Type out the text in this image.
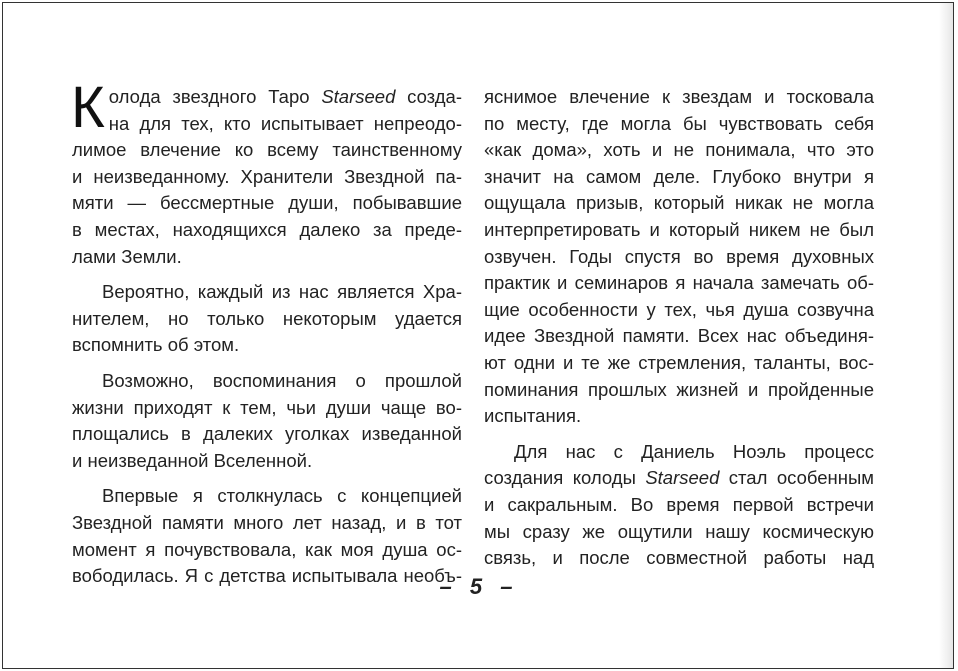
К олода звездного Таро Starseed созда-
на для тех, кто испытывает непреодо-
лимое влечение ко всему таинственному
и неизведанному. Хранители Звездной па-
мяти — бессмертные души, побывавшие
в местах, находящихся далеко за преде-
лами Земли.

Вероятно, каждый из нас является Хра-
нителем, но только некоторым удается
вспомнить об этом.

Возможно, воспоминания о прошлой
жизни приходят к тем, чьи души чаще во-
площались в далеких уголках изведанной
и неизведанной Вселенной.

Впервые я столкнулась с концепцией
Звездной памяти много лет назад, и в тот
момент я почувствовала, как моя душа ос-
вободилась. Я с детства испытывала необъ-

яснимое влечение к звездам и тосковала
по месту, где могла бы чувствовать себя
«как дома», хоть и не понимала, что это
значит на самом деле. Глубоко внутри я
ощущала призыв, который никак не могла
интерпретировать и который никем не был
озвучен. Годы спустя во время духовных
практик и семинаров я начала замечать об-
щие особенности у тех, чья душа созвучна
идее Звездной памяти. Всех нас объединя-
ют одни и те же стремления, таланты, вос-
поминания прошлых жизней и пройденные
испытания.

Для нас с Даниель Ноэль процесс
создания колоды Starseed стал особенным
и сакральным. Во время первой встречи
мы сразу же ощутили нашу космическую
связь, и после совместной работы над

– 5 –
